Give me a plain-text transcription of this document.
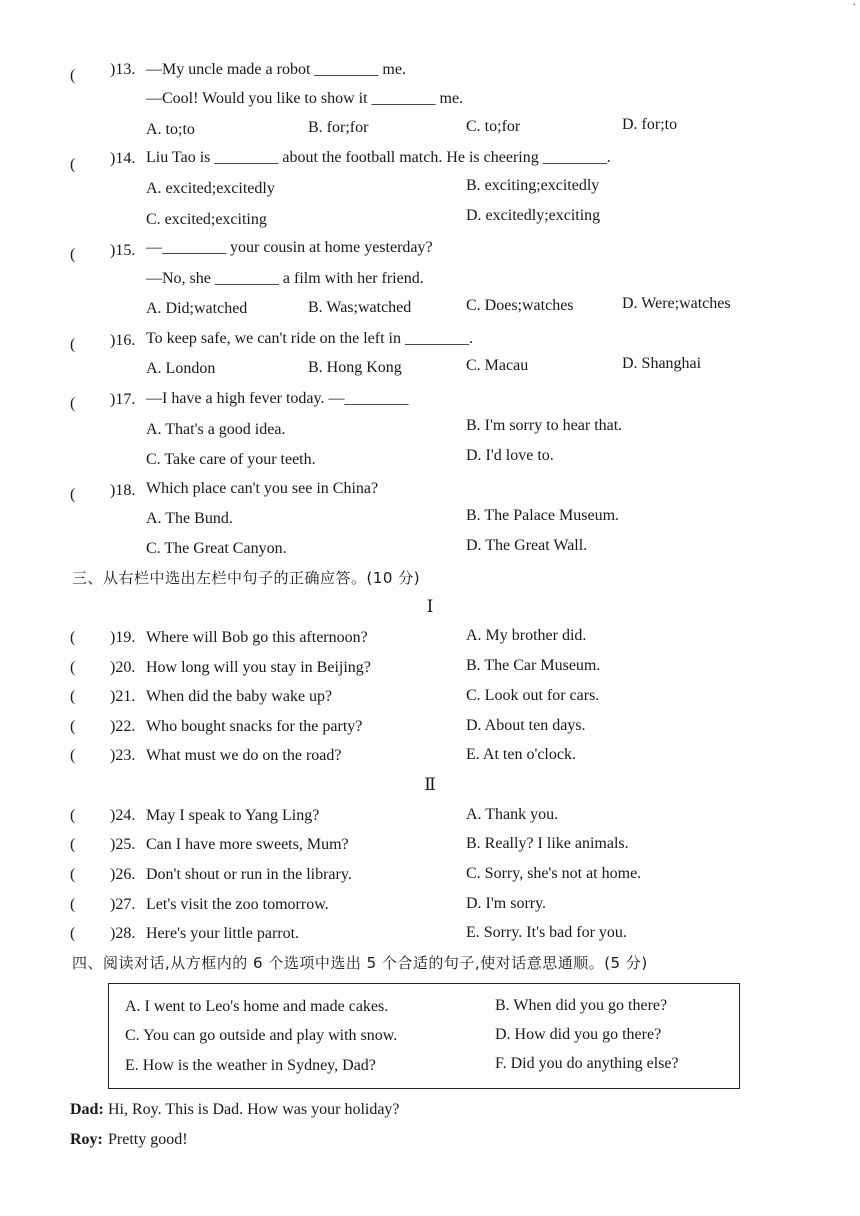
·
( )13. —My uncle made a robot ________ me.
—Cool! Would you like to show it ________ me.
A. to;to	B. for;for	C. to;for	D. for;to
( )14. Liu Tao is ________ about the football match. He is cheering ________.
A. excited;excitedly	B. exciting;excitedly
C. excited;exciting	D. excitedly;exciting
( )15. —________ your cousin at home yesterday?
—No, she ________ a film with her friend.
A. Did;watched	B. Was;watched	C. Does;watches	D. Were;watches
( )16. To keep safe, we can't ride on the left in ________.
A. London	B. Hong Kong	C. Macau	D. Shanghai
( )17. —I have a high fever today. —________
A. That's a good idea.	B. I'm sorry to hear that.
C. Take care of your teeth.	D. I'd love to.
( )18. Which place can't you see in China?
A. The Bund.	B. The Palace Museum.
C. The Great Canyon.	D. The Great Wall.
三、从右栏中选出左栏中句子的正确应答。(10 分)
Ⅰ
( )19. Where will Bob go this afternoon?	A. My brother did.
( )20. How long will you stay in Beijing?	B. The Car Museum.
( )21. When did the baby wake up?	C. Look out for cars.
( )22. Who bought snacks for the party?	D. About ten days.
( )23. What must we do on the road?	E. At ten o'clock.
Ⅱ
( )24. May I speak to Yang Ling?	A. Thank you.
( )25. Can I have more sweets, Mum?	B. Really? I like animals.
( )26. Don't shout or run in the library.	C. Sorry, she's not at home.
( )27. Let's visit the zoo tomorrow.	D. I'm sorry.
( )28. Here's your little parrot.	E. Sorry. It's bad for you.
四、阅读对话,从方框内的 6 个选项中选出 5 个合适的句子,使对话意思通顺。(5 分)
A. I went to Leo's home and made cakes.	B. When did you go there?
C. You can go outside and play with snow.	D. How did you go there?
E. How is the weather in Sydney, Dad?	F. Did you do anything else?
Dad: Hi, Roy. This is Dad. How was your holiday?
Roy: Pretty good!
